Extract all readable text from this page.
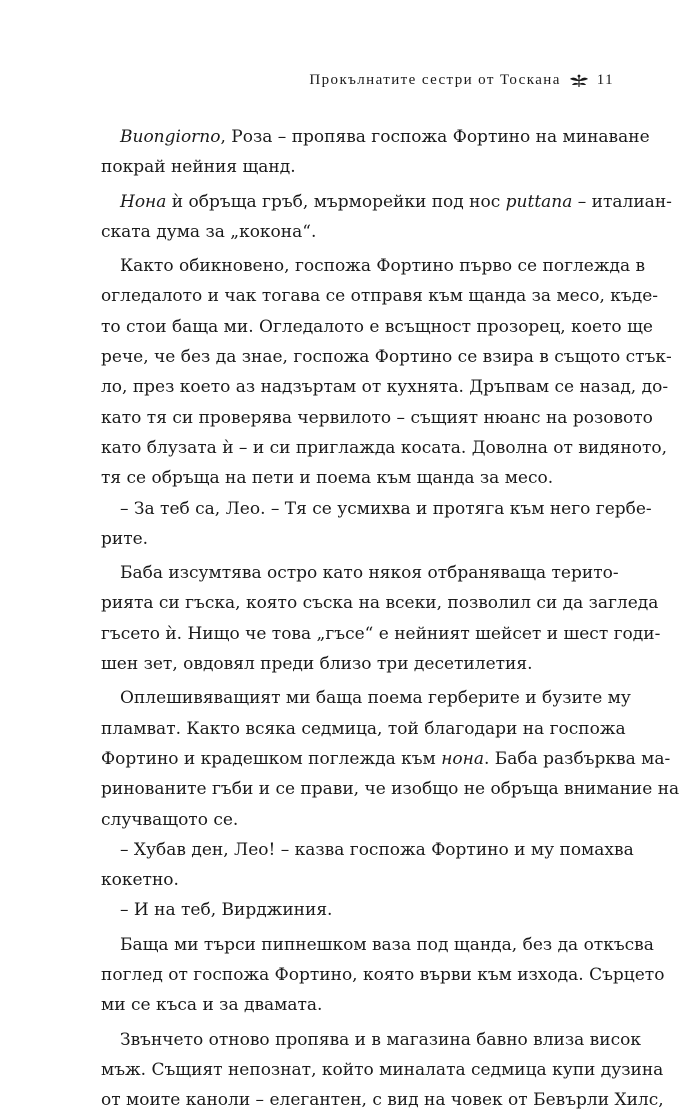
Прокълнатите сестри от Тоскана 11
Buongiorno, Роза – пропява госпожа Фортино на минаване
покрай нейния щанд.
Нона ѝ обръща гръб, мърморейки под нос puttana – италиан-
ската дума за „кокона“.
Както обикновено, госпожа Фортино първо се поглежда в
огледалото и чак тогава се отправя към щанда за месо, къде-
то стои баща ми. Огледалото е всъщност прозорец, което ще
рече, че без да знае, госпожа Фортино се взира в същото стък-
ло, през което аз надзъртам от кухнята. Дръпвам се назад, до-
като тя си проверява червилото – същият нюанс на розовото
като блузата ѝ – и си приглажда косата. Доволна от видяното,
тя се обръща на пети и поема към щанда за месо.
– За теб са, Лео. – Тя се усмихва и протяга към него гербе-
рите.
Баба изсумтява остро като някоя отбраняваща терито-
рията си гъска, която съска на всеки, позволил си да загледа
гъсето ѝ. Нищо че това „гъсе“ е нейният шейсет и шест годи-
шен зет, овдовял преди близо три десетилетия.
Оплешивяващият ми баща поема герберите и бузите му
пламват. Както всяка седмица, той благодари на госпожа
Фортино и крадешком поглежда към нона. Баба разбърква ма-
ринованите гъби и се прави, че изобщо не обръща внимание на
случващото се.
– Хубав ден, Лео! – казва госпожа Фортино и му помахва
кокетно.
– И на теб, Вирджиния.
Баща ми търси пипнешком ваза под щанда, без да откъсва
поглед от госпожа Фортино, която върви към изхода. Сърцето
ми се къса и за двамата.
Звънчето отново пропява и в магазина бавно влиза висок
мъж. Същият непознат, който миналата седмица купи дузина
от моите каноли – елегантен, с вид на човек от Бевърли Хилс,
